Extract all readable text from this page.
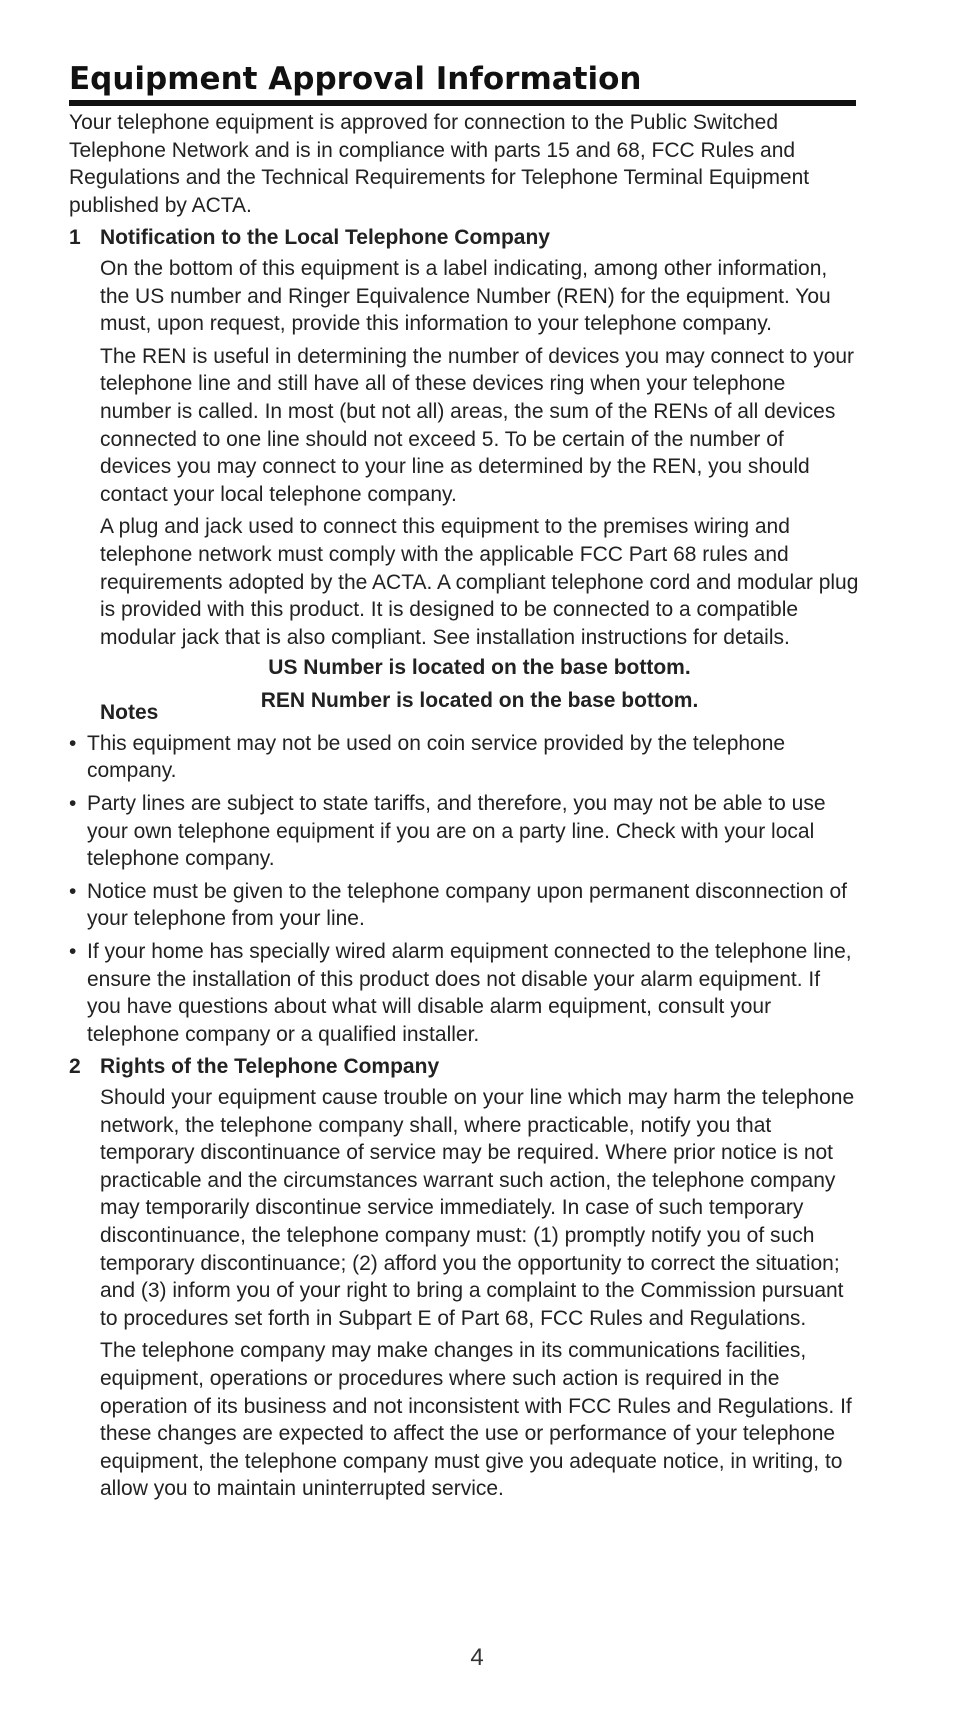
Equipment Approval Information

Your telephone equipment is approved for connection to the Public Switched Telephone Network and is in compliance with parts 15 and 68, FCC Rules and Regulations and the Technical Requirements for Telephone Terminal Equipment published by ACTA.

1 Notification to the Local Telephone Company

On the bottom of this equipment is a label indicating, among other information, the US number and Ringer Equivalence Number (REN) for the equipment. You must, upon request, provide this information to your telephone company.

The REN is useful in determining the number of devices you may connect to your telephone line and still have all of these devices ring when your telephone number is called. In most (but not all) areas, the sum of the RENs of all devices connected to one line should not exceed 5. To be certain of the number of devices you may connect to your line as determined by the REN, you should contact your local telephone company.

A plug and jack used to connect this equipment to the premises wiring and telephone network must comply with the applicable FCC Part 68 rules and requirements adopted by the ACTA. A compliant telephone cord and modular plug is provided with this product. It is designed to be connected to a compatible modular jack that is also compliant. See installation instructions for details.

US Number is located on the base bottom.

REN Number is located on the base bottom.

Notes
• This equipment may not be used on coin service provided by the telephone company.
• Party lines are subject to state tariffs, and therefore, you may not be able to use your own telephone equipment if you are on a party line. Check with your local telephone company.
• Notice must be given to the telephone company upon permanent disconnection of your telephone from your line.
• If your home has specially wired alarm equipment connected to the telephone line, ensure the installation of this product does not disable your alarm equipment. If you have questions about what will disable alarm equipment, consult your telephone company or a qualified installer.
2 Rights of the Telephone Company

Should your equipment cause trouble on your line which may harm the telephone network, the telephone company shall, where practicable, notify you that temporary discontinuance of service may be required. Where prior notice is not practicable and the circumstances warrant such action, the telephone company may temporarily discontinue service immediately. In case of such temporary discontinuance, the telephone company must: (1) promptly notify you of such temporary discontinuance; (2) afford you the opportunity to correct the situation; and (3) inform you of your right to bring a complaint to the Commission pursuant to procedures set forth in Subpart E of Part 68, FCC Rules and Regulations.

The telephone company may make changes in its communications facilities, equipment, operations or procedures where such action is required in the operation of its business and not inconsistent with FCC Rules and Regulations. If these changes are expected to affect the use or performance of your telephone equipment, the telephone company must give you adequate notice, in writing, to allow you to maintain uninterrupted service.

4
